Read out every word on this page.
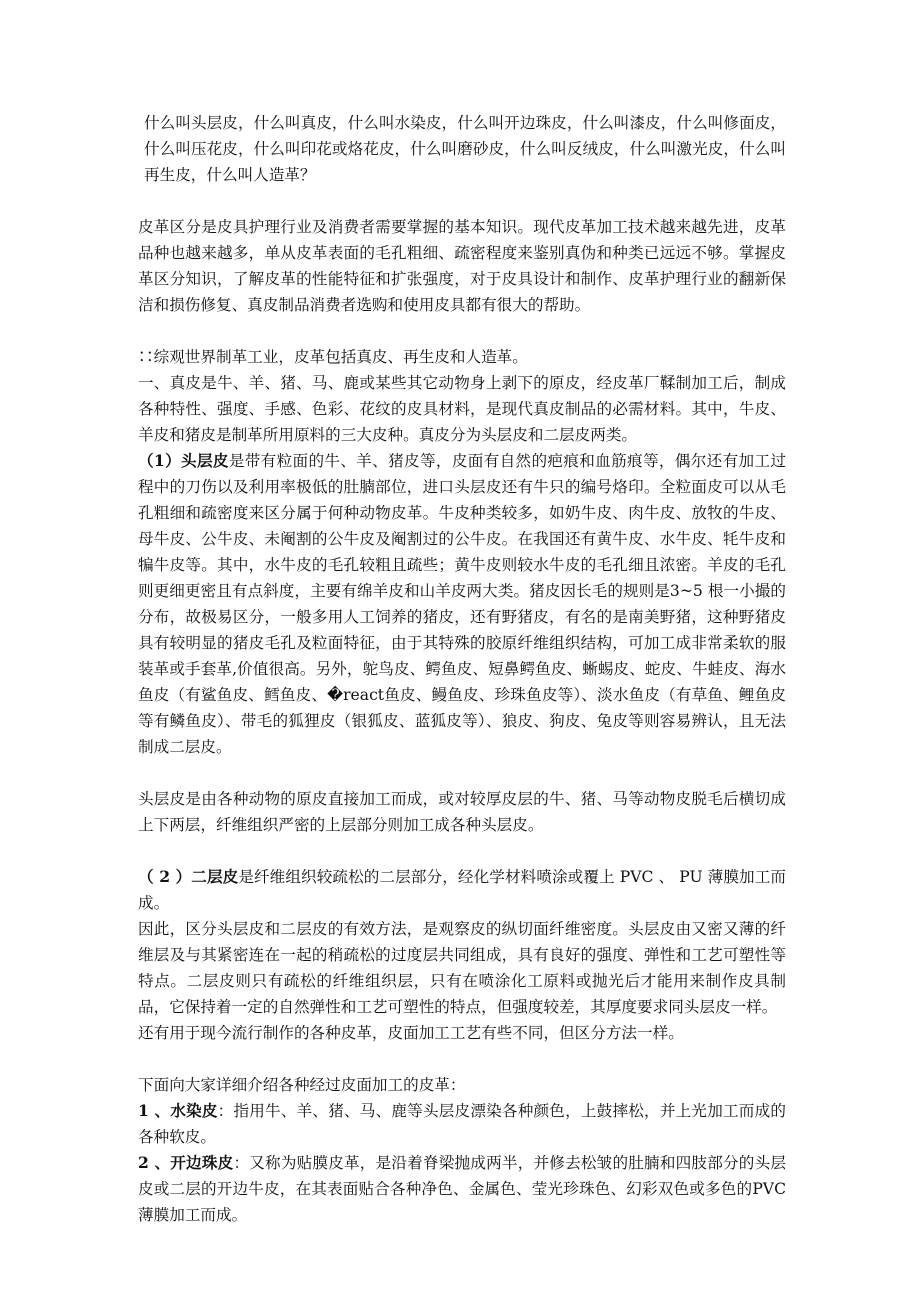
什么叫头层皮，什么叫真皮，什么叫水染皮，什么叫开边珠皮，什么叫漆皮，什么叫修面皮，什么叫压花皮，什么叫印花或烙花皮，什么叫磨砂皮，什么叫反绒皮，什么叫激光皮，什么叫再生皮，什么叫人造革？

皮革区分是皮具护理行业及消费者需要掌握的基本知识。现代皮革加工技术越来越先进，皮革品种也越来越多，单从皮革表面的毛孔粗细、疏密程度来鉴别真伪和种类已远远不够。掌握皮革区分知识，了解皮革的性能特征和扩张强度，对于皮具设计和制作、皮革护理行业的翻新保洁和损伤修复、真皮制品消费者选购和使用皮具都有很大的帮助。

∷综观世界制革工业，皮革包括真皮、再生皮和人造革。

一、真皮是牛、羊、猪、马、鹿或某些其它动物身上剥下的原皮，经皮革厂鞣制加工后，制成各种特性、强度、手感、色彩、花纹的皮具材料，是现代真皮制品的必需材料。其中，牛皮、羊皮和猪皮是制革所用原料的三大皮种。真皮分为头层皮和二层皮两类。

（1）头层皮是带有粒面的牛、羊、猪皮等，皮面有自然的疤痕和血筋痕等，偶尔还有加工过程中的刀伤以及利用率极低的肚腩部位，进口头层皮还有牛只的编号烙印。全粒面皮可以从毛孔粗细和疏密度来区分属于何种动物皮革。牛皮种类较多，如奶牛皮、肉牛皮、放牧的牛皮、母牛皮、公牛皮、未阉割的公牛皮及阉割过的公牛皮。在我国还有黄牛皮、水牛皮、牦牛皮和犏牛皮等。其中，水牛皮的毛孔较粗且疏些；黄牛皮则较水牛皮的毛孔细且浓密。羊皮的毛孔则更细更密且有点斜度，主要有绵羊皮和山羊皮两大类。猪皮因长毛的规则是3~5 根一小撮的分布，故极易区分，一般多用人工饲养的猪皮，还有野猪皮，有名的是南美野猪，这种野猪皮具有较明显的猪皮毛孔及粒面特征，由于其特殊的胶原纤维组织结构，可加工成非常柔软的服装革或手套革,价值很高。另外，鸵鸟皮、鳄鱼皮、短鼻鳄鱼皮、蜥蜴皮、蛇皮、牛蛙皮、海水鱼皮（有鲨鱼皮、鳕鱼皮、�react鱼皮、鳗鱼皮、珍珠鱼皮等）、淡水鱼皮（有草鱼、鲤鱼皮等有鳞鱼皮）、带毛的狐狸皮（银狐皮、蓝狐皮等）、狼皮、狗皮、兔皮等则容易辨认，且无法制成二层皮。

头层皮是由各种动物的原皮直接加工而成，或对较厚皮层的牛、猪、马等动物皮脱毛后横切成上下两层，纤维组织严密的上层部分则加工成各种头层皮。

（ 2 ）二层皮是纤维组织较疏松的二层部分，经化学材料喷涂或覆上 PVC 、 PU 薄膜加工而成。

因此，区分头层皮和二层皮的有效方法，是观察皮的纵切面纤维密度。头层皮由又密又薄的纤维层及与其紧密连在一起的稍疏松的过度层共同组成，具有良好的强度、弹性和工艺可塑性等特点。二层皮则只有疏松的纤维组织层，只有在喷涂化工原料或抛光后才能用来制作皮具制品，它保持着一定的自然弹性和工艺可塑性的特点，但强度较差，其厚度要求同头层皮一样。

还有用于现今流行制作的各种皮革，皮面加工工艺有些不同，但区分方法一样。

下面向大家详细介绍各种经过皮面加工的皮革：

1 、水染皮：指用牛、羊、猪、马、鹿等头层皮漂染各种颜色，上鼓摔松，并上光加工而成的各种软皮。

2 、开边珠皮：又称为贴膜皮革，是沿着脊梁抛成两半，并修去松皱的肚腩和四肢部分的头层皮或二层的开边牛皮，在其表面贴合各种净色、金属色、莹光珍珠色、幻彩双色或多色的PVC 薄膜加工而成。
